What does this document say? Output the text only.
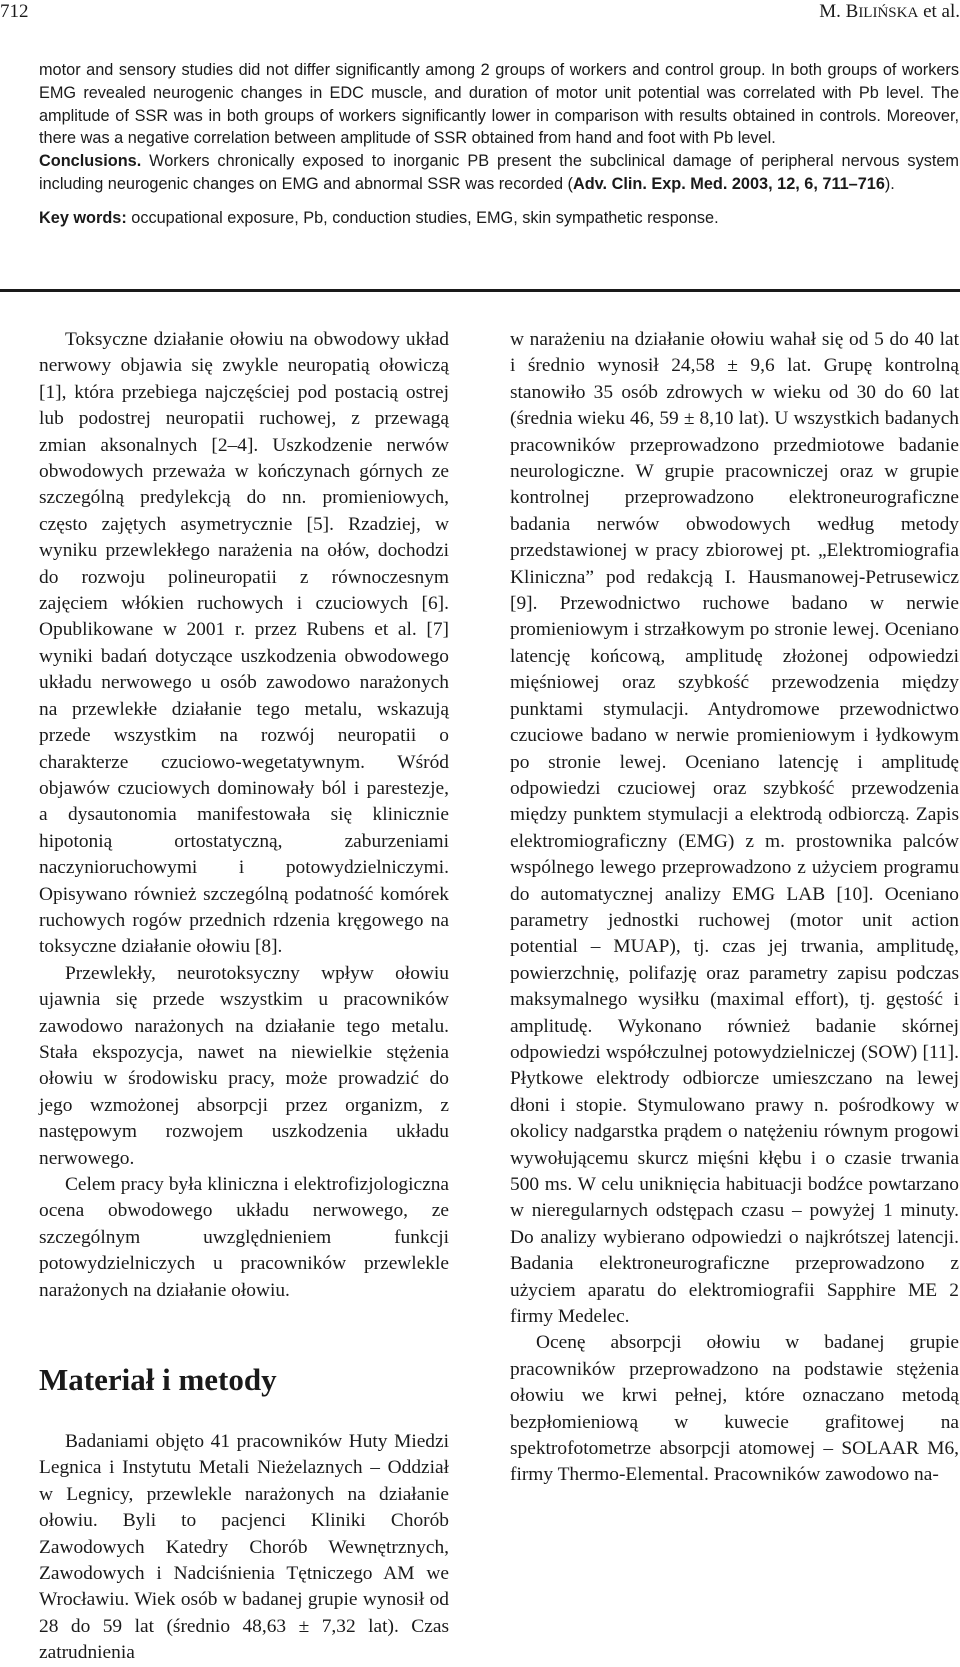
712	M. BILIŃSKA et al.

motor and sensory studies did not differ significantly among 2 groups of workers and control group. In both groups of workers EMG revealed neurogenic changes in EDC muscle, and duration of motor unit potential was correlated with Pb level. The amplitude of SSR was in both groups of workers significantly lower in comparison with results obtained in controls. Moreover, there was a negative correlation between amplitude of SSR obtained from hand and foot with Pb level.

Conclusions. Workers chronically exposed to inorganic PB present the subclinical damage of peripheral nervous system including neurogenic changes on EMG and abnormal SSR was recorded (Adv. Clin. Exp. Med. 2003, 12, 6, 711–716).

Key words: occupational exposure, Pb, conduction studies, EMG, skin sympathetic response.

Toksyczne działanie ołowiu na obwodowy układ nerwowy objawia się zwykle neuropatią ołowiczą [1], która przebiega najczęściej pod postacią ostrej lub podostrej neuropatii ruchowej, z przewagą zmian aksonalnych [2–4]. Uszkodzenie nerwów obwodowych przeważa w kończynach górnych ze szczególną predylekcją do nn. promieniowych, często zajętych asymetrycznie [5]. Rzadziej, w wyniku przewlekłego narażenia na ołów, dochodzi do rozwoju polineuropatii z równoczesnym zajęciem włókien ruchowych i czuciowych [6]. Opublikowane w 2001 r. przez Rubens et al. [7] wyniki badań dotyczące uszkodzenia obwodowego układu nerwowego u osób zawodowo narażonych na przewlekłe działanie tego metalu, wskazują przede wszystkim na rozwój neuropatii o charakterze czuciowo-wegetatywnym. Wśród objawów czuciowych dominowały ból i parestezje, a dysautonomia manifestowała się klinicznie hipotonią ortostatyczną, zaburzeniami naczynioruchowymi i potowydzielniczymi. Opisywano również szczególną podatność komórek ruchowych rogów przednich rdzenia kręgowego na toksyczne działanie ołowiu [8].

Przewlekły, neurotoksyczny wpływ ołowiu ujawnia się przede wszystkim u pracowników zawodowo narażonych na działanie tego metalu. Stała ekspozycja, nawet na niewielkie stężenia ołowiu w środowisku pracy, może prowadzić do jego wzmożonej absorpcji przez organizm, z następowym rozwojem uszkodzenia układu nerwowego.

Celem pracy była kliniczna i elektrofizjologiczna ocena obwodowego układu nerwowego, ze szczególnym uwzględnieniem funkcji potowydzielniczych u pracowników przewlekle narażonych na działanie ołowiu.

Materiał i metody

Badaniami objęto 41 pracowników Huty Miedzi Legnica i Instytutu Metali Nieżelaznych – Oddział w Legnicy, przewlekle narażonych na działanie ołowiu. Byli to pacjenci Kliniki Chorób Zawodowych Katedry Chorób Wewnętrznych, Zawodowych i Nadciśnienia Tętniczego AM we Wrocławiu. Wiek osób w badanej grupie wynosił od 28 do 59 lat (średnio 48,63 ± 7,32 lat). Czas zatrudnienia

w narażeniu na działanie ołowiu wahał się od 5 do 40 lat i średnio wynosił 24,58 ± 9,6 lat. Grupę kontrolną stanowiło 35 osób zdrowych w wieku od 30 do 60 lat (średnia wieku 46, 59 ± 8,10 lat). U wszystkich badanych pracowników przeprowadzono przedmiotowe badanie neurologiczne. W grupie pracowniczej oraz w grupie kontrolnej przeprowadzono elektroneurograficzne badania nerwów obwodowych według metody przedstawionej w pracy zbiorowej pt. „Elektromiografia Kliniczna” pod redakcją I. Hausmanowej-Petrusewicz [9]. Przewodnictwo ruchowe badano w nerwie promieniowym i strzałkowym po stronie lewej. Oceniano latencję końcową, amplitudę złożonej odpowiedzi mięśniowej oraz szybkość przewodzenia między punktami stymulacji. Antydromowe przewodnictwo czuciowe badano w nerwie promieniowym i łydkowym po stronie lewej. Oceniano latencję i amplitudę odpowiedzi czuciowej oraz szybkość przewodzenia między punktem stymulacji a elektrodą odbiorczą. Zapis elektromiograficzny (EMG) z m. prostownika palców wspólnego lewego przeprowadzono z użyciem programu do automatycznej analizy EMG LAB [10]. Oceniano parametry jednostki ruchowej (motor unit action potential – MUAP), tj. czas jej trwania, amplitudę, powierzchnię, polifazję oraz parametry zapisu podczas maksymalnego wysiłku (maximal effort), tj. gęstość i amplitudę. Wykonano również badanie skórnej odpowiedzi współczulnej potowydzielniczej (SOW) [11]. Płytkowe elektrody odbiorcze umieszczano na lewej dłoni i stopie. Stymulowano prawy n. pośrodkowy w okolicy nadgarstka prądem o natężeniu równym progowi wywołującemu skurcz mięśni kłębu i o czasie trwania 500 ms. W celu uniknięcia habituacji bodźce powtarzano w nieregularnych odstępach czasu – powyżej 1 minuty. Do analizy wybierano odpowiedzi o najkrótszej latencji. Badania elektroneurograficzne przeprowadzono z użyciem aparatu do elektromiografii Sapphire ME 2 firmy Medelec.

Ocenę absorpcji ołowiu w badanej grupie pracowników przeprowadzono na podstawie stężenia ołowiu we krwi pełnej, które oznaczano metodą bezpłomieniową w kuwecie grafitowej na spektrofotometrze absorpcji atomowej – SOLAAR M6, firmy Thermo-Elemental. Pracowników zawodowo na-
